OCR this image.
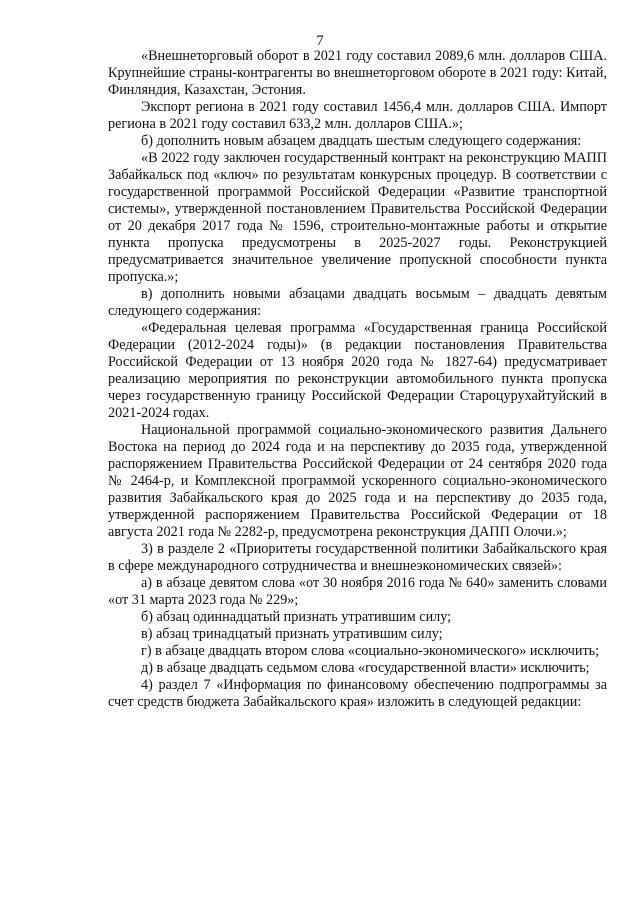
7

«Внешнеторговый оборот в 2021 году составил 2089,6 млн. долларов США. Крупнейшие страны-контрагенты во внешнеторговом обороте в 2021 году: Китай, Финляндия, Казахстан, Эстония.

Экспорт региона в 2021 году составил 1456,4 млн. долларов США. Импорт региона в 2021 году составил 633,2 млн. долларов США.»;

б) дополнить новым абзацем двадцать шестым следующего содержания:

«В 2022 году заключен государственный контракт на реконструкцию МАПП Забайкальск под «ключ» по результатам конкурсных процедур. В соответствии с государственной программой Российской Федерации «Развитие транспортной системы», утвержденной постановлением Правительства Российской Федерации от 20 декабря 2017 года № 1596, строительно-монтажные работы и открытие пункта пропуска предусмотрены в 2025-2027 годы. Реконструкцией предусматривается значительное увеличение пропускной способности пункта пропуска.»;

в) дополнить новыми абзацами двадцать восьмым – двадцать девятым следующего содержания:

«Федеральная целевая программа «Государственная граница Российской Федерации (2012-2024 годы)» (в редакции постановления Правительства Российской Федерации от 13 ноября 2020 года № 1827-64) предусматривает реализацию мероприятия по реконструкции автомобильного пункта пропуска через государственную границу Российской Федерации Староцурухайтуйский в 2021-2024 годах.

Национальной программой социально-экономического развития Дальнего Востока на период до 2024 года и на перспективу до 2035 года, утвержденной распоряжением Правительства Российской Федерации от 24 сентября 2020 года № 2464-р, и Комплексной программой ускоренного социально-экономического развития Забайкальского края до 2025 года и на перспективу до 2035 года, утвержденной распоряжением Правительства Российской Федерации от 18 августа 2021 года № 2282-р, предусмотрена реконструкция ДАПП Олочи.»;

3) в разделе 2 «Приоритеты государственной политики Забайкальского края в сфере международного сотрудничества и внешнеэкономических связей»:

а) в абзаце девятом слова «от 30 ноября 2016 года № 640» заменить словами «от 31 марта 2023 года № 229»;

б) абзац одиннадцатый признать утратившим силу;

в) абзац тринадцатый признать утратившим силу;

г) в абзаце двадцать втором слова «социально-экономического» исключить;

д) в абзаце двадцать седьмом слова «государственной власти» исключить;

4) раздел 7 «Информация по финансовому обеспечению подпрограммы за счет средств бюджета Забайкальского края» изложить в следующей редакции:
